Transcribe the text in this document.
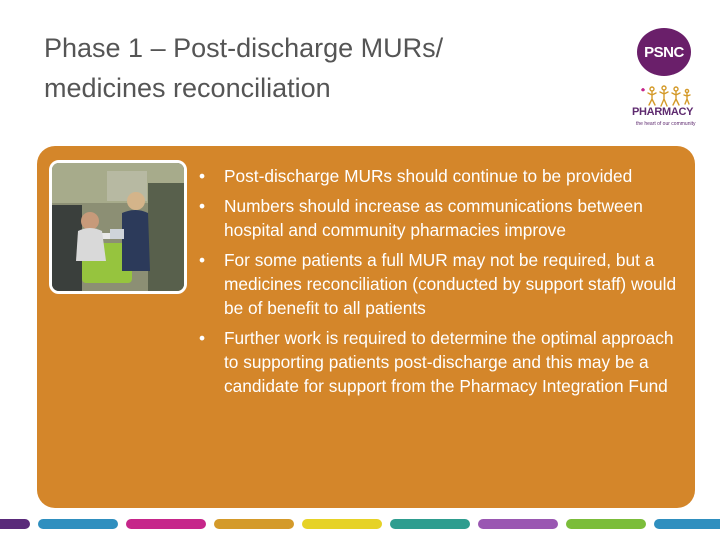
Phase 1 – Post-discharge MURs/
medicines reconciliation
PSNC
PHARMACY
the heart of our community
• Post-discharge MURs should continue to be provided
• Numbers should increase as communications between hospital and community pharmacies improve
• For some patients a full MUR may not be required, but a medicines reconciliation (conducted by support staff) would be of benefit to all patients
• Further work is required to determine the optimal approach to supporting patients post-discharge and this may be a candidate for support from the Pharmacy Integration Fund
